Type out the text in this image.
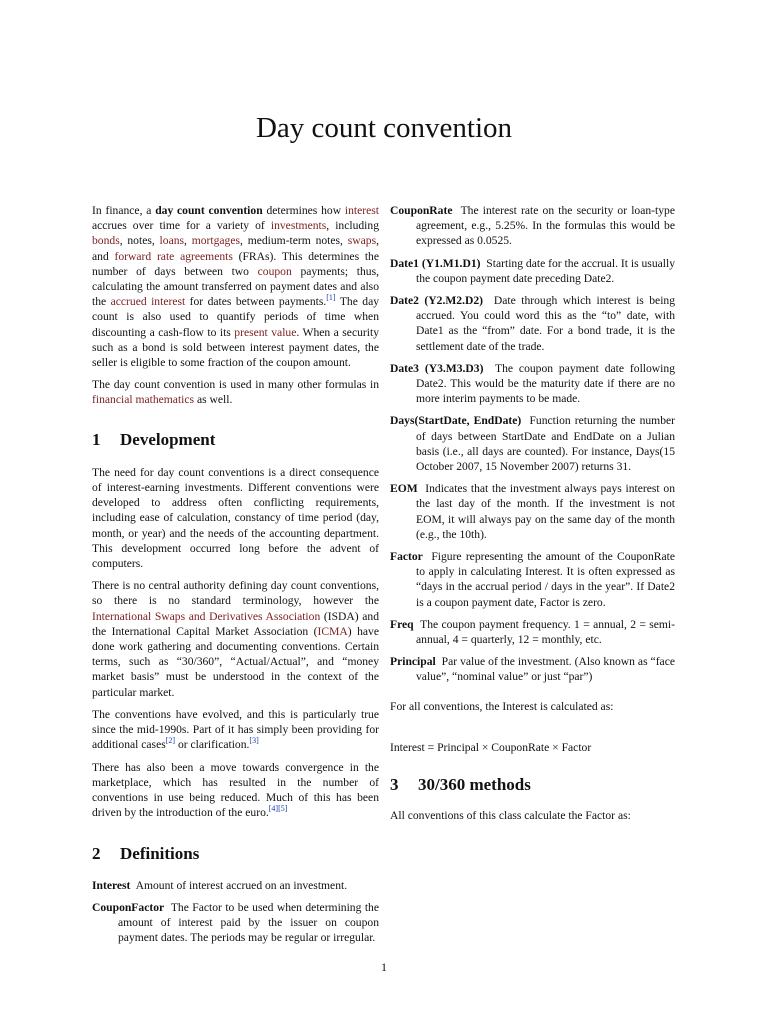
Day count convention

In finance, a day count convention determines how interest accrues over time for a variety of investments, including bonds, notes, loans, mortgages, medium-term notes, swaps, and forward rate agreements (FRAs). This determines the number of days between two coupon payments; thus, calculating the amount transferred on payment dates and also the accrued interest for dates between payments.[1] The day count is also used to quantify periods of time when discounting a cash-flow to its present value. When a security such as a bond is sold between interest payment dates, the seller is eligible to some fraction of the coupon amount.

The day count convention is used in many other formulas in financial mathematics as well.

1 Development

The need for day count conventions is a direct consequence of interest-earning investments. Different conventions were developed to address often conflicting requirements, including ease of calculation, constancy of time period (day, month, or year) and the needs of the accounting department. This development occurred long before the advent of computers.

There is no central authority defining day count conventions, so there is no standard terminology, however the International Swaps and Derivatives Association (ISDA) and the International Capital Market Association (ICMA) have done work gathering and documenting conventions. Certain terms, such as “30/360”, “Actual/Actual”, and “money market basis” must be understood in the context of the particular market.

The conventions have evolved, and this is particularly true since the mid-1990s. Part of it has simply been providing for additional cases[2] or clarification.[3]

There has also been a move towards convergence in the marketplace, which has resulted in the number of conventions in use being reduced. Much of this has been driven by the introduction of the euro.[4][5]

2 Definitions
Interest Amount of interest accrued on an investment.
CouponFactor The Factor to be used when determining the amount of interest paid by the issuer on coupon payment dates. The periods may be regular or irregular.
CouponRate The interest rate on the security or loan-type agreement, e.g., 5.25%. In the formulas this would be expressed as 0.0525.
Date1 (Y1.M1.D1) Starting date for the accrual. It is usually the coupon payment date preceding Date2.
Date2 (Y2.M2.D2) Date through which interest is being accrued. You could word this as the “to” date, with Date1 as the “from” date. For a bond trade, it is the settlement date of the trade.
Date3 (Y3.M3.D3) The coupon payment date following Date2. This would be the maturity date if there are no more interim payments to be made.
Days(StartDate, EndDate) Function returning the number of days between StartDate and EndDate on a Julian basis (i.e., all days are counted). For instance, Days(15 October 2007, 15 November 2007) returns 31.
EOM Indicates that the investment always pays interest on the last day of the month. If the investment is not EOM, it will always pay on the same day of the month (e.g., the 10th).
Factor Figure representing the amount of the CouponRate to apply in calculating Interest. It is often expressed as “days in the accrual period / days in the year”. If Date2 is a coupon payment date, Factor is zero.
Freq The coupon payment frequency. 1 = annual, 2 = semi-annual, 4 = quarterly, 12 = monthly, etc.
Principal Par value of the investment. (Also known as “face value”, “nominal value” or just “par”)

For all conventions, the Interest is calculated as:

Interest = Principal × CouponRate × Factor

3 30/360 methods

All conventions of this class calculate the Factor as:

1
